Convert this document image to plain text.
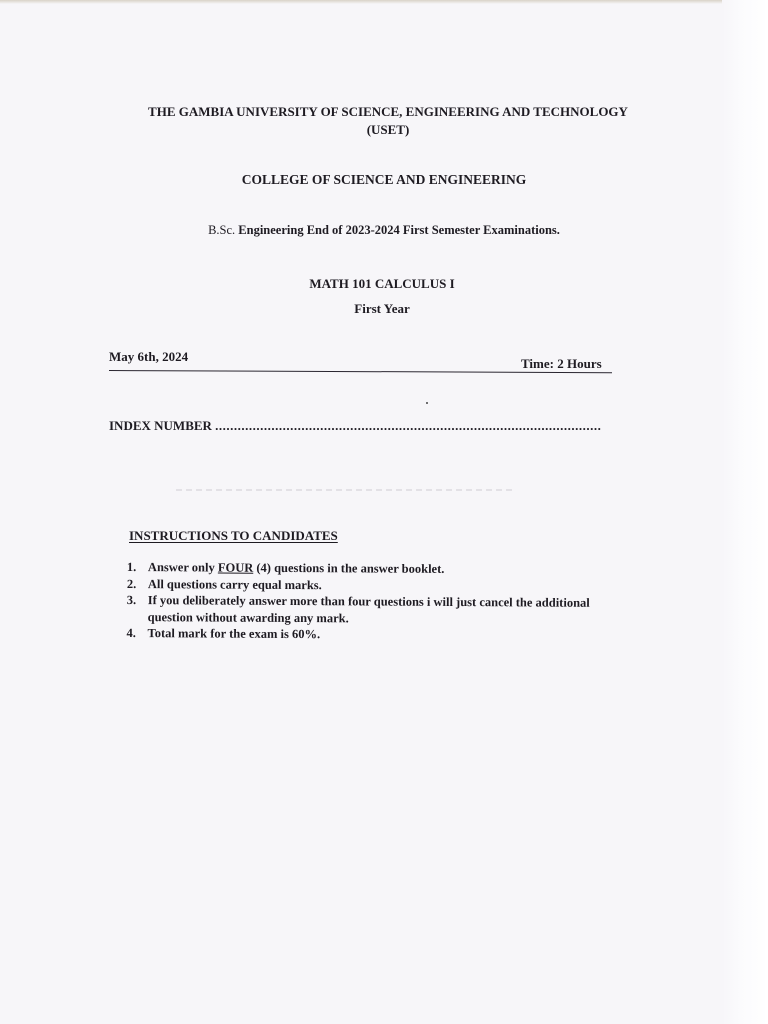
THE GAMBIA UNIVERSITY OF SCIENCE, ENGINEERING AND TECHNOLOGY
(USET)
COLLEGE OF SCIENCE AND ENGINEERING
B.Sc. Engineering End of 2023-2024 First Semester Examinations.
MATH 101 CALCULUS I
First Year
May 6th, 2024	Time: 2 Hours
INDEX NUMBER .......................................................................................................
INSTRUCTIONS TO CANDIDATES
1. Answer only FOUR (4) questions in the answer booklet.
2. All questions carry equal marks.
3. If you deliberately answer more than four questions i will just cancel the additional
question without awarding any mark.
4. Total mark for the exam is 60%.
